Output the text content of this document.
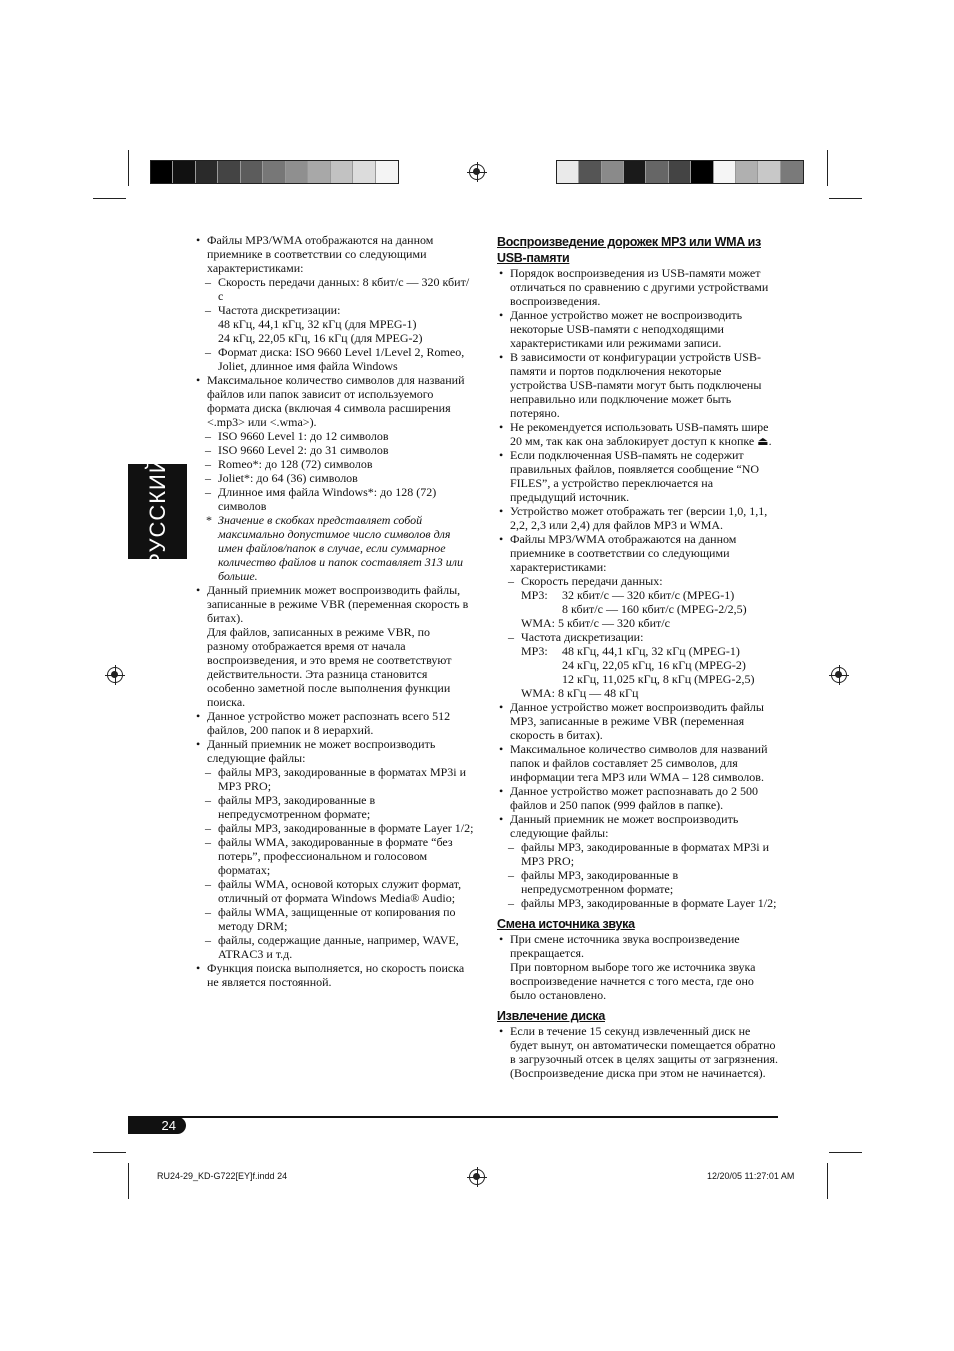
РУССКИЙ
• Файлы MP3/WMA отображаются на данном приемнике в соответствии со следующими характеристиками:
– Скорость передачи данных: 8 кбит/с — 320 кбит/с
– Частота дискретизации:
48 кГц, 44,1 кГц, 32 кГц (для MPEG-1)
24 кГц, 22,05 кГц, 16 кГц (для MPEG-2)
– Формат диска: ISO 9660 Level 1/Level 2, Romeo, Joliet, длинное имя файла Windows
• Максимальное количество символов для названий файлов или папок зависит от используемого формата диска (включая 4 символа расширения <.mp3> или <.wma>).
– ISO 9660 Level 1: до 12 символов
– ISO 9660 Level 2: до 31 символов
– Romeo*: до 128 (72) символов
– Joliet*: до 64 (36) символов
– Длинное имя файла Windows*: до 128 (72) символов
* Значение в скобках представляет собой максимально допустимое число символов для имен файлов/папок в случае, если суммарное количество файлов и папок составляет 313 или больше.
• Данный приемник может воспроизводить файлы, записанные в режиме VBR (переменная скорость в битах).
Для файлов, записанных в режиме VBR, по разному отображается время от начала воспроизведения, и это время не соответствуют действительности. Эта разница становится особенно заметной после выполнения функции поиска.
• Данное устройство может распознать всего 512 файлов, 200 папок и 8 иерархий.
• Данный приемник не может воспроизводить следующие файлы:
– файлы MP3, закодированные в форматах MP3i и MP3 PRO;
– файлы MP3, закодированные в непредусмотренном формате;
– файлы MP3, закодированные в формате Layer 1/2;
– файлы WMA, закодированные в формате “без потерь”, профессиональном и голосовом форматах;
– файлы WMA, основой которых служит формат, отличный от формата Windows Media® Audio;
– файлы WMA, защищенные от копирования по методу DRM;
– файлы, содержащие данные, например, WAVE, ATRAC3 и т.д.
• Функция поиска выполняется, но скорость поиска не является постоянной.
Воспроизведение дорожек MP3 или WMA из USB-памяти
• Порядок воспроизведения из USB-памяти может отличаться по сравнению с другими устройствами воспроизведения.
• Данное устройство может не воспроизводить некоторые USB-памяти с неподходящими характеристиками или режимами записи.
• В зависимости от конфигурации устройств USB-памяти и портов подключения некоторые устройства USB-памяти могут быть подключены неправильно или подключение может быть потеряно.
• Не рекомендуется использовать USB-память шире 20 мм, так как она заблокирует доступ к кнопке ⏏.
• Если подключенная USB-память не содержит правильных файлов, появляется сообщение “NO FILES”, а устройство переключается на предыдущий источник.
• Устройство может отображать тег (версии 1,0, 1,1, 2,2, 2,3 или 2,4) для файлов MP3 и WMA.
• Файлы MP3/WMA отображаются на данном приемнике в соответствии со следующими характеристиками:
– Скорость передачи данных:
MP3:	32 кбит/с — 320 кбит/с (MPEG-1)
8 кбит/с — 160 кбит/с (MPEG-2/2,5)
WMA: 5 кбит/с — 320 кбит/с
– Частота дискретизации:
MP3:	48 кГц, 44,1 кГц, 32 кГц (MPEG-1)
24 кГц, 22,05 кГц, 16 кГц (MPEG-2)
12 кГц, 11,025 кГц, 8 кГц (MPEG-2,5)
WMA: 8 кГц — 48 кГц
• Данное устройство может воспроизводить файлы MP3, записанные в режиме VBR (переменная скорость в битах).
• Максимальное количество символов для названий папок и файлов составляет 25 символов, для информации тега MP3 или WMA – 128 символов.
• Данное устройство может распознавать до 2 500 файлов и 250 папок (999 файлов в папке).
• Данный приемник не может воспроизводить следующие файлы:
– файлы MP3, закодированные в форматах MP3i и MP3 PRO;
– файлы MP3, закодированные в непредусмотренном формате;
– файлы MP3, закодированные в формате Layer 1/2;
Смена источника звука
• При смене источника звука воспроизведение прекращается.
При повторном выборе того же источника звука воспроизведение начнется с того места, где оно было остановлено.
Извлечение диска
• Если в течение 15 секунд извлеченный диск не будет вынут, он автоматически помещается обратно в загрузочный отсек в целях защиты от загрязнения. (Воспроизведение диска при этом не начинается).
24
RU24-29_KD-G722[EY]f.indd 24	12/20/05 11:27:01 AM
